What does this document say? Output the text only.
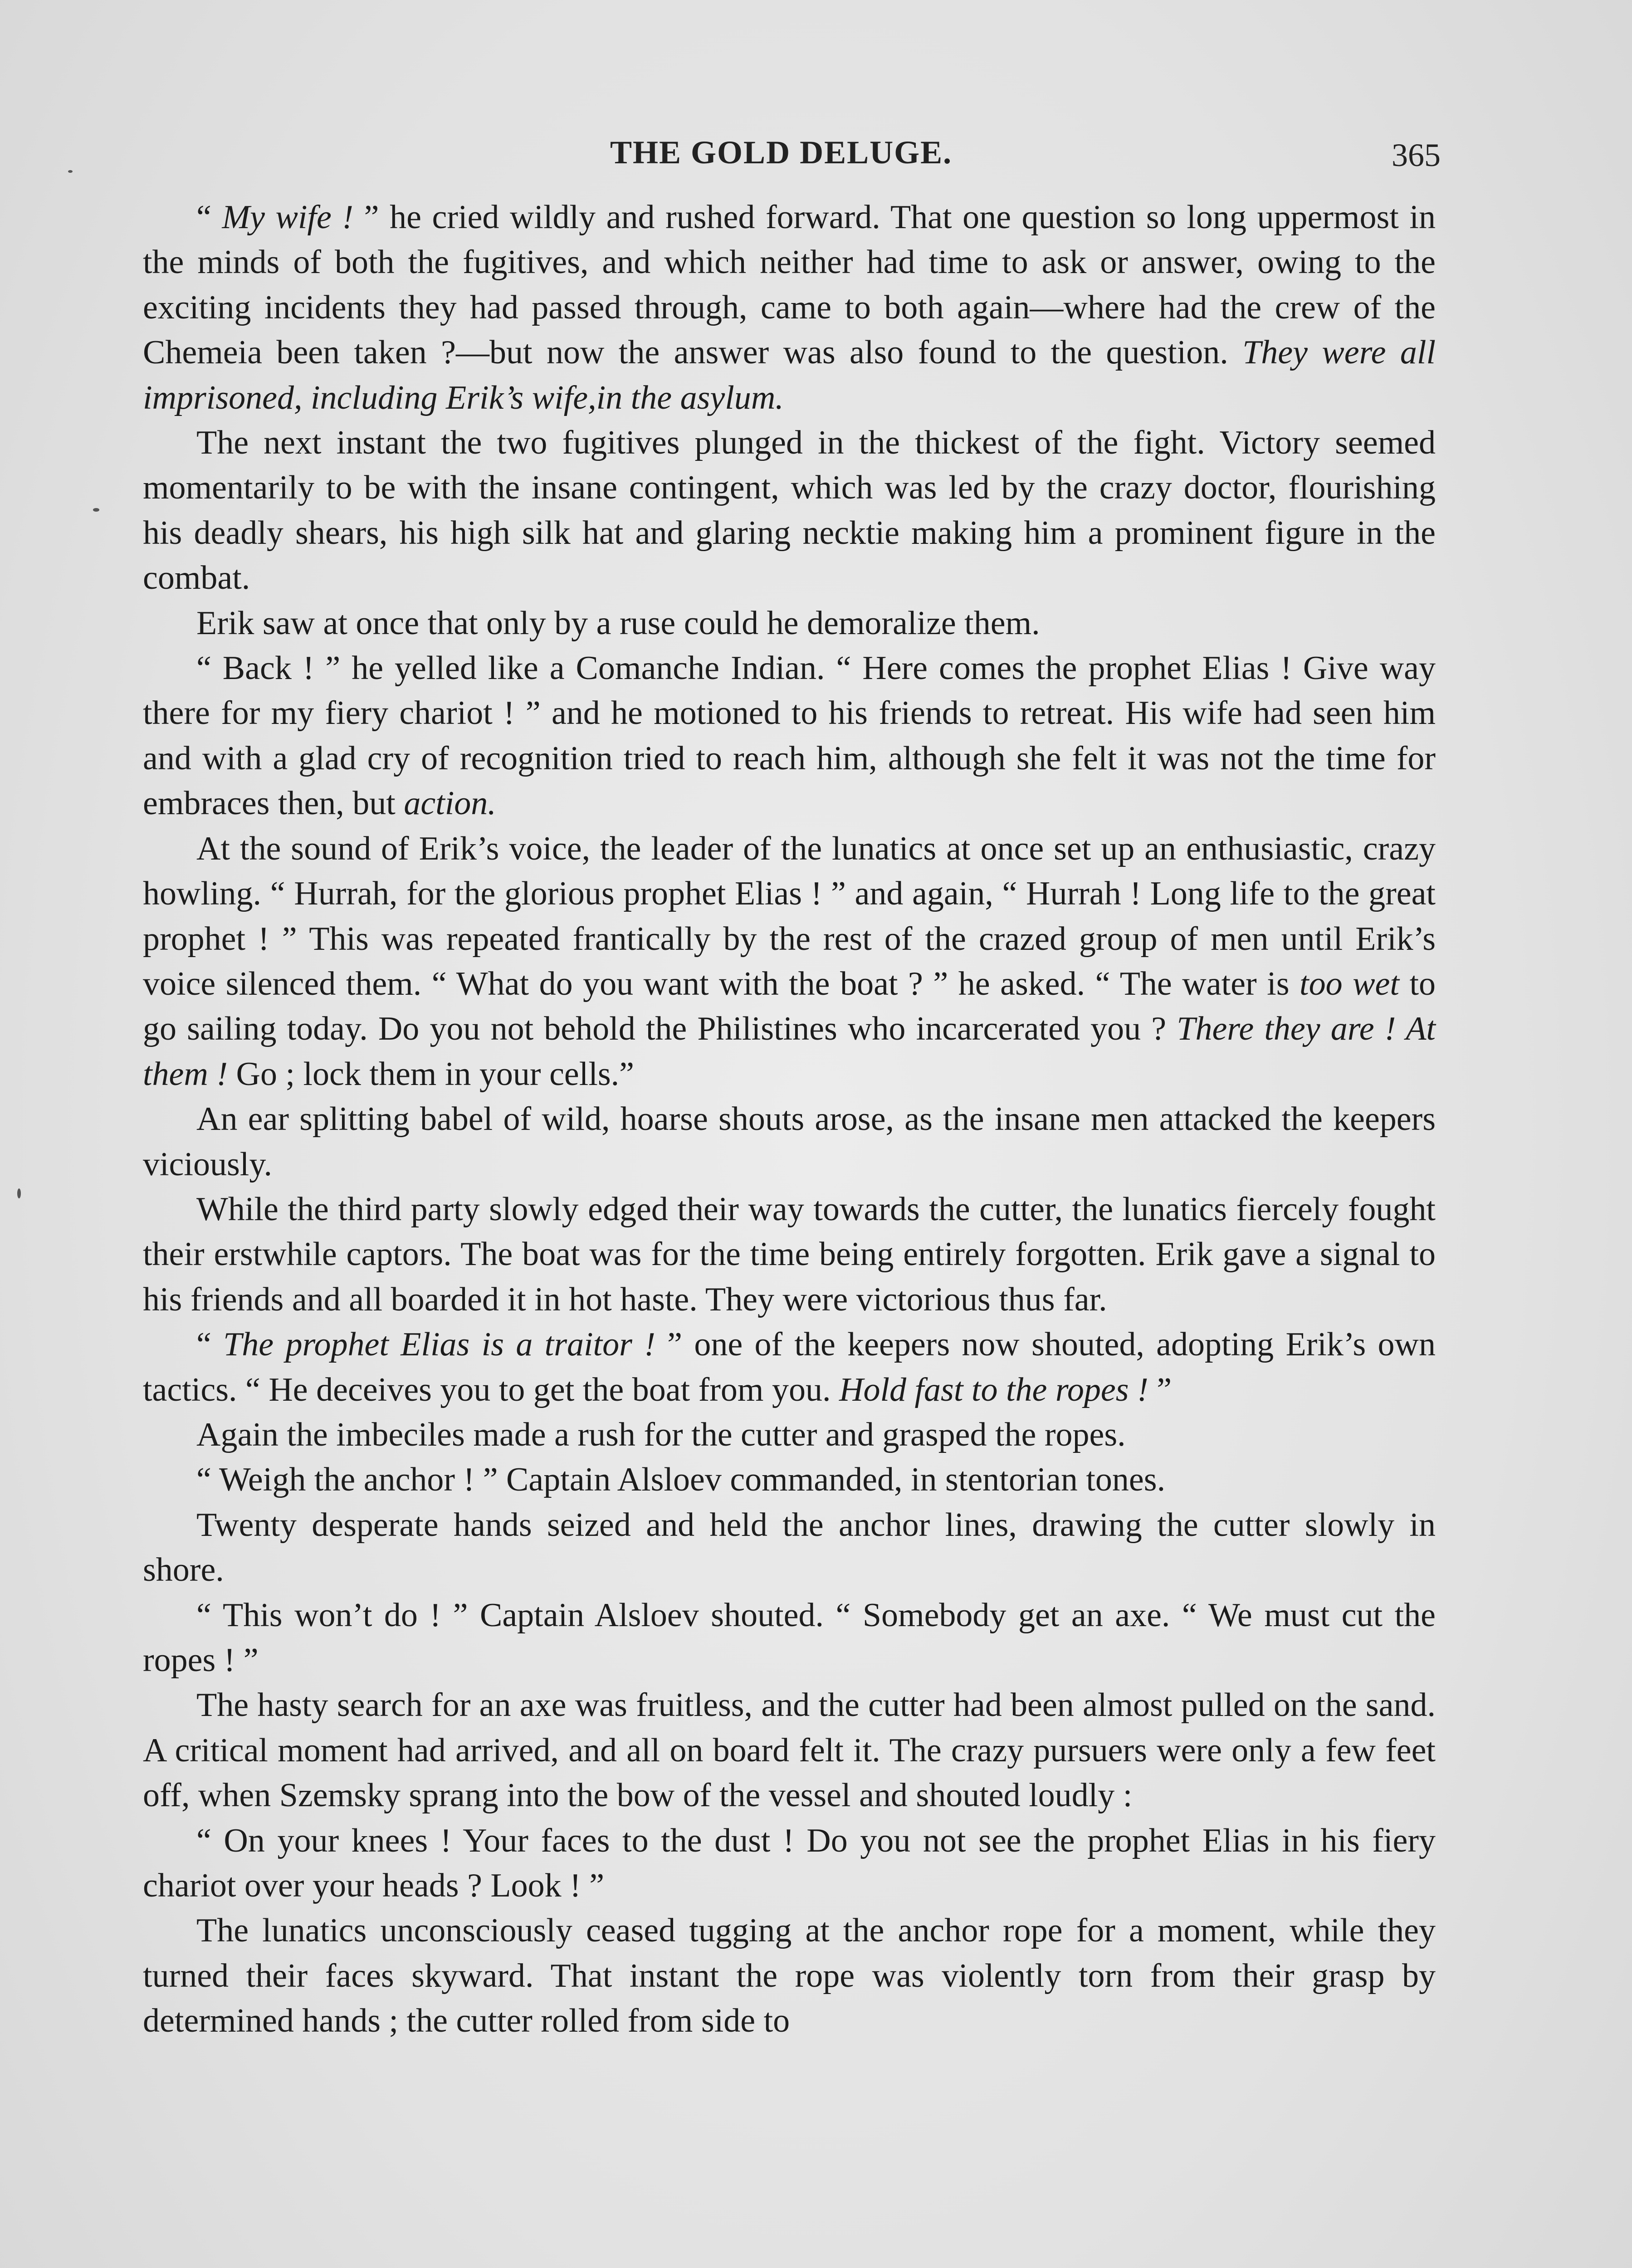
THE GOLD DELUGE.	365

“ My wife ! ” he cried wildly and rushed forward. That one question so long uppermost in the minds of both the fugitives, and which neither had time to ask or answer, owing to the exciting incidents they had passed through, came to both again—where had the crew of the Chemeia been taken ?—but now the answer was also found to the question. They were all imprisoned, including Erik’s wife,in the asylum.

The next instant the two fugitives plunged in the thickest of the fight. Victory seemed momentarily to be with the insane contingent, which was led by the crazy doctor, flourishing his deadly shears, his high silk hat and glaring necktie making him a prominent figure in the combat.

Erik saw at once that only by a ruse could he demoralize them.

“ Back ! ” he yelled like a Comanche Indian. “ Here comes the prophet Elias ! Give way there for my fiery chariot ! ” and he motioned to his friends to retreat. His wife had seen him and with a glad cry of recognition tried to reach him, although she felt it was not the time for embraces then, but action.

At the sound of Erik’s voice, the leader of the lunatics at once set up an enthusiastic, crazy howling. “ Hurrah, for the glorious prophet Elias ! ” and again, “ Hurrah ! Long life to the great prophet ! ” This was repeated frantically by the rest of the crazed group of men until Erik’s voice silenced them. “ What do you want with the boat ? ” he asked. “ The water is too wet to go sailing today. Do you not behold the Philistines who incarcerated you ? There they are ! At them ! Go ; lock them in your cells.”

An ear splitting babel of wild, hoarse shouts arose, as the insane men attacked the keepers viciously.

While the third party slowly edged their way towards the cutter, the lunatics fiercely fought their erstwhile captors. The boat was for the time being entirely forgotten. Erik gave a signal to his friends and all boarded it in hot haste. They were victorious thus far.

“ The prophet Elias is a traitor ! ” one of the keepers now shouted, adopting Erik’s own tactics. “ He deceives you to get the boat from you. Hold fast to the ropes ! ”

Again the imbeciles made a rush for the cutter and grasped the ropes.

“ Weigh the anchor ! ” Captain Alsloev commanded, in stentorian tones.

Twenty desperate hands seized and held the anchor lines, drawing the cutter slowly in shore.

“ This won’t do ! ” Captain Alsloev shouted. “ Somebody get an axe. “ We must cut the ropes ! ”

The hasty search for an axe was fruitless, and the cutter had been almost pulled on the sand. A critical moment had arrived, and all on board felt it. The crazy pursuers were only a few feet off, when Szemsky sprang into the bow of the vessel and shouted loudly :

“ On your knees ! Your faces to the dust ! Do you not see the prophet Elias in his fiery chariot over your heads ? Look ! ”

The lunatics unconsciously ceased tugging at the anchor rope for a moment, while they turned their faces skyward. That instant the rope was violently torn from their grasp by determined hands ; the cutter rolled from side to
